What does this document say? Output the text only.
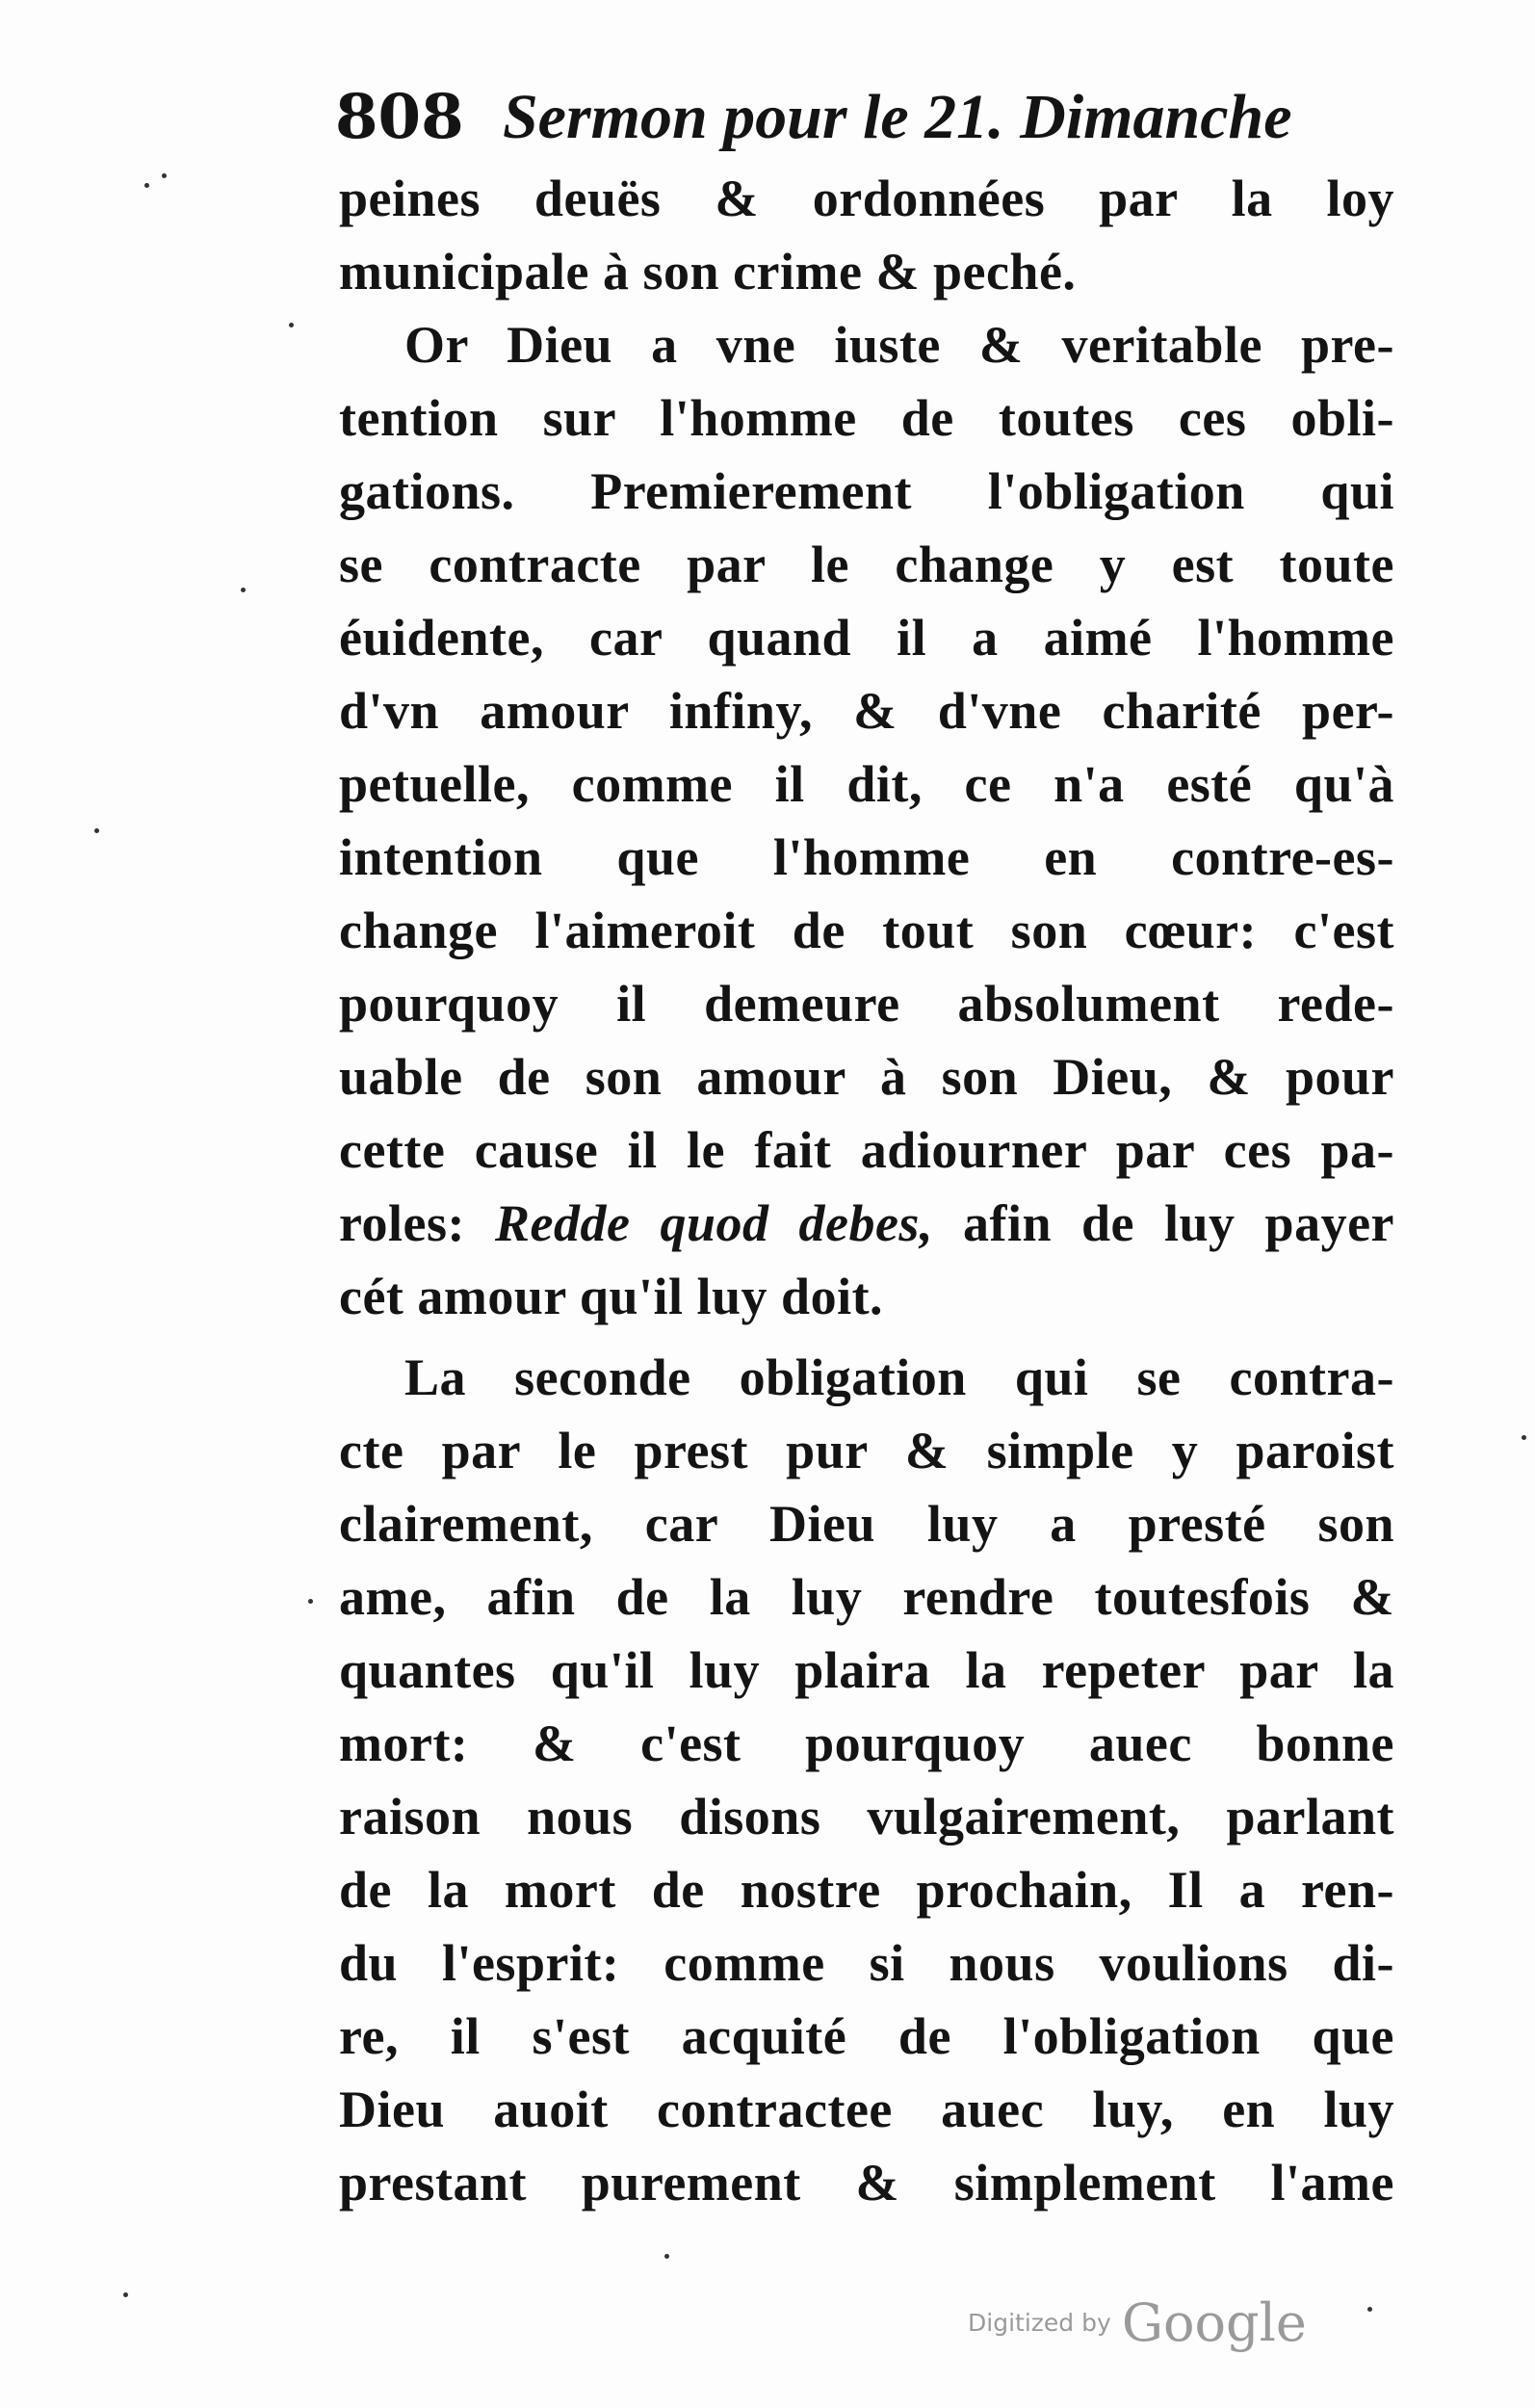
808 Sermon pour le 21. Dimanche
peines deuës & ordonnées par la loy
municipale à son crime & peché.
Or Dieu a vne iuste & veritable pre-
tention sur l'homme de toutes ces obli-
gations. Premierement l'obligation qui
se contracte par le change y est toute
éuidente, car quand il a aimé l'homme
d'vn amour infiny, & d'vne charité per-
petuelle, comme il dit, ce n'a esté qu'à
intention que l'homme en contre-es-
change l'aimeroit de tout son cœur: c'est
pourquoy il demeure absolument rede-
uable de son amour à son Dieu, & pour
cette cause il le fait adiourner par ces pa-
roles: Redde quod debes, afin de luy payer
cét amour qu'il luy doit.
La seconde obligation qui se contra-
cte par le prest pur & simple y paroist
clairement, car Dieu luy a presté son
ame, afin de la luy rendre toutesfois &
quantes qu'il luy plaira la repeter par la
mort: & c'est pourquoy auec bonne
raison nous disons vulgairement, parlant
de la mort de nostre prochain, Il a ren-
du l'esprit: comme si nous voulions di-
re, il s'est acquité de l'obligation que
Dieu auoit contractee auec luy, en luy
prestant purement & simplement l'ame
Digitized by Google
